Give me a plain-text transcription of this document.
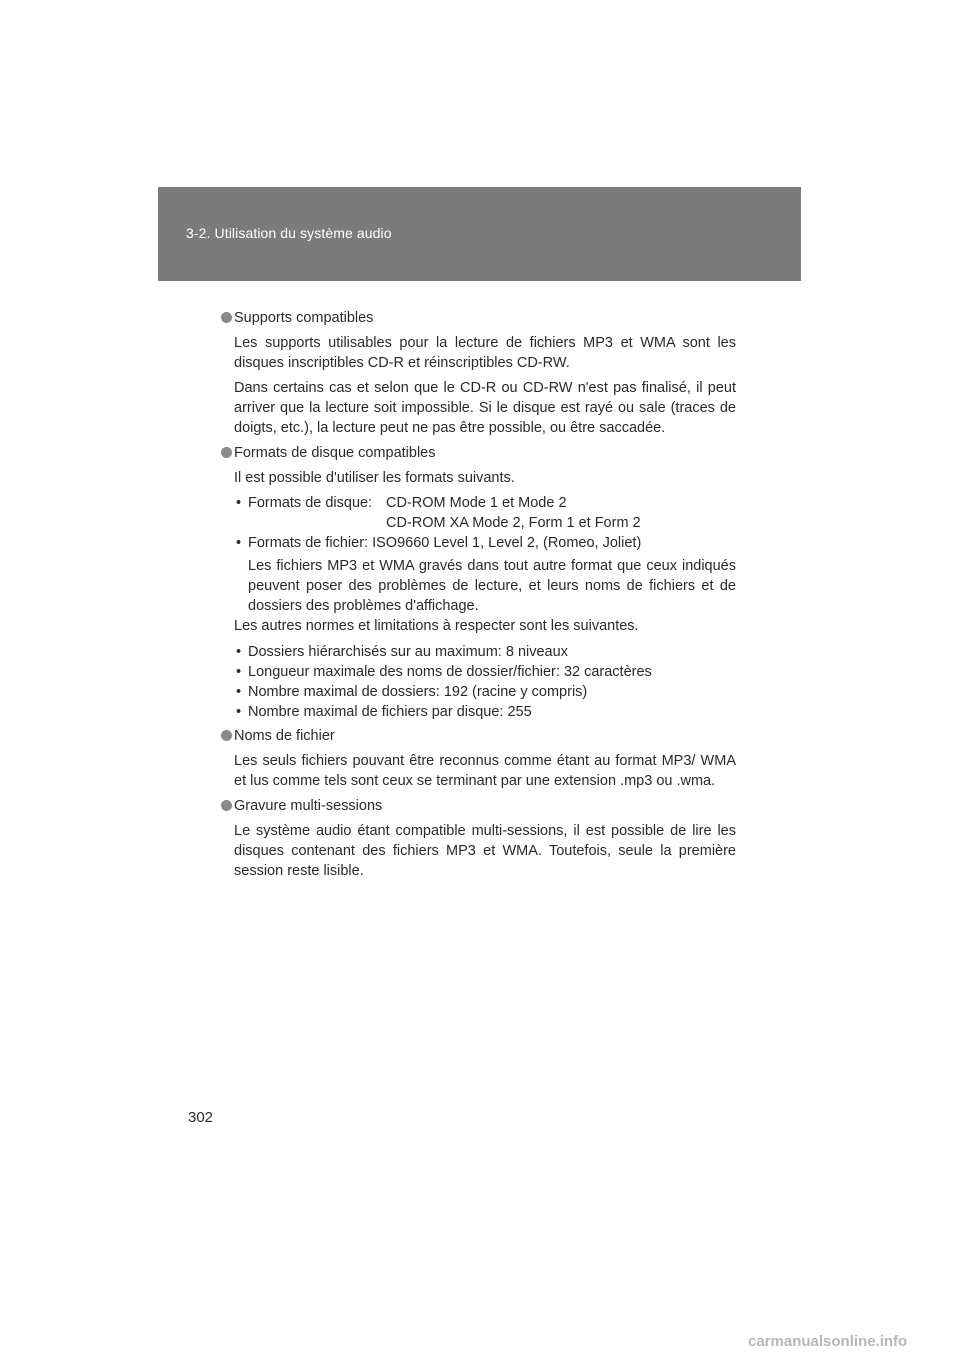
3-2. Utilisation du système audio
Supports compatibles

Les supports utilisables pour la lecture de fichiers MP3 et WMA sont les disques inscriptibles CD-R et réinscriptibles CD-RW.

Dans certains cas et selon que le CD-R ou CD-RW n'est pas finalisé, il peut arriver que la lecture soit impossible. Si le disque est rayé ou sale (traces de doigts, etc.), la lecture peut ne pas être possible, ou être saccadée.

Formats de disque compatibles

Il est possible d'utiliser les formats suivants.

• Formats de disque: CD-ROM Mode 1 et Mode 2
CD-ROM XA Mode 2, Form 1 et Form 2
• Formats de fichier: ISO9660 Level 1, Level 2, (Romeo, Joliet)

Les fichiers MP3 et WMA gravés dans tout autre format que ceux indiqués peuvent poser des problèmes de lecture, et leurs noms de fichiers et de dossiers des problèmes d'affichage.

Les autres normes et limitations à respecter sont les suivantes.

• Dossiers hiérarchisés sur au maximum: 8 niveaux
• Longueur maximale des noms de dossier/fichier: 32 caractères
• Nombre maximal de dossiers: 192 (racine y compris)
• Nombre maximal de fichiers par disque: 255
Noms de fichier

Les seuls fichiers pouvant être reconnus comme étant au format MP3/ WMA et lus comme tels sont ceux se terminant par une extension .mp3 ou .wma.

Gravure multi-sessions

Le système audio étant compatible multi-sessions, il est possible de lire les disques contenant des fichiers MP3 et WMA. Toutefois, seule la première session reste lisible.

302
carmanualsonline.info
